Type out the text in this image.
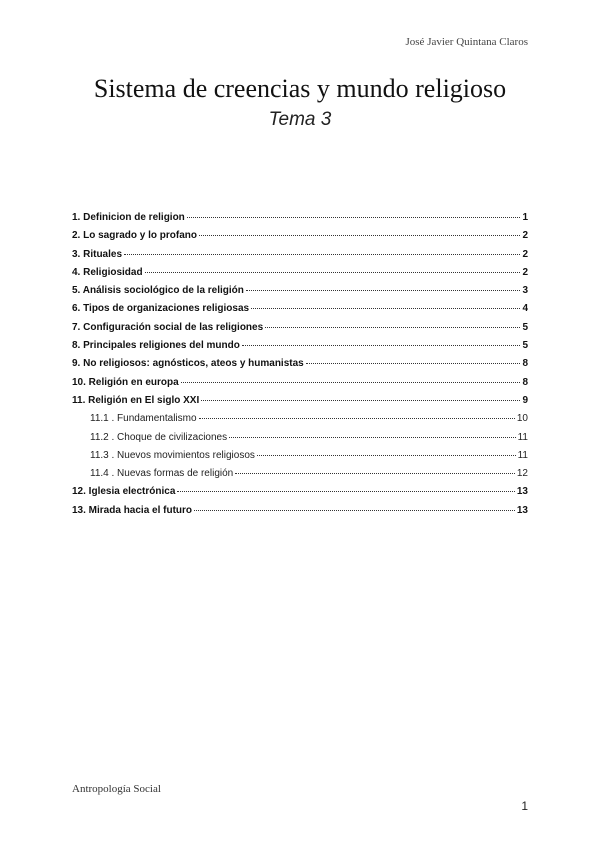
José Javier Quintana Claros
Sistema de creencias y mundo religioso
Tema 3
1. Definicion de religion	1
2. Lo sagrado y lo profano	2
3. Rituales	2
4. Religiosidad	2
5. Análisis sociológico de la religión	3
6. Tipos de organizaciones religiosas	4
7. Configuración social de las religiones	5
8. Principales religiones del mundo	5
9. No religiosos: agnósticos, ateos y humanistas	8
10. Religión en europa	8
11. Religión en El siglo XXI	9
11.1 . Fundamentalismo	10
11.2 . Choque de civilizaciones	11
11.3 . Nuevos movimientos religiosos	11
11.4 . Nuevas formas de religión	12
12. Iglesia electrónica	13
13. Mirada hacia el futuro	13
Antropología Social
1
